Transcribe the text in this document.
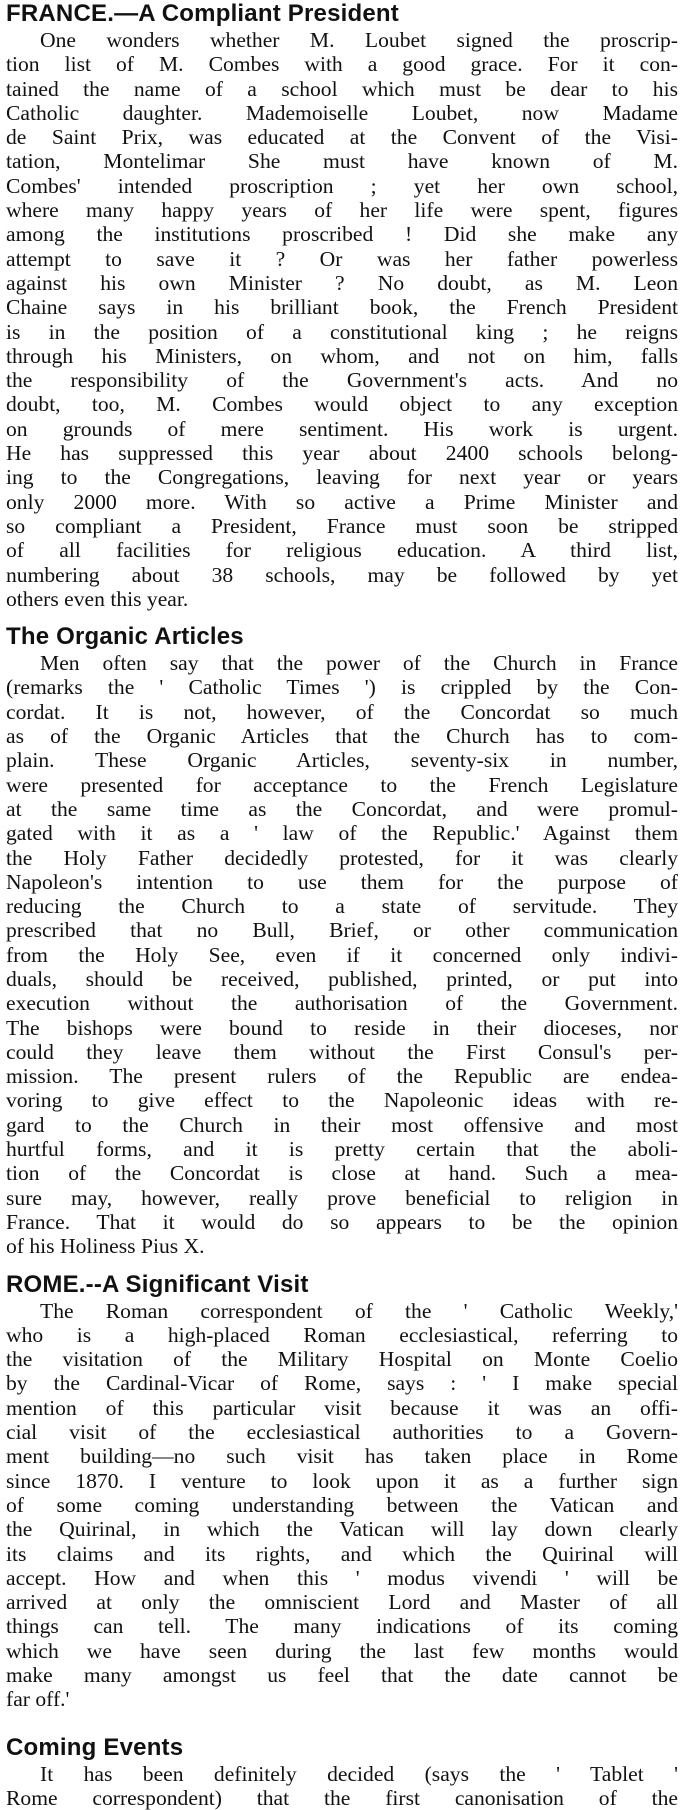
FRANCE.—A Compliant President
One wonders whether M. Loubet signed the proscrip-
tion list of M. Combes with a good grace. For it con-
tained the name of a school which must be dear to his
Catholic daughter. Mademoiselle Loubet, now Madame
de Saint Prix, was educated at the Convent of the Visi-
tation, Montelimar She must have known of M.
Combes' intended proscription ; yet her own school,
where many happy years of her life were spent, figures
among the institutions proscribed ! Did she make any
attempt to save it ? Or was her father powerless
against his own Minister ? No doubt, as M. Leon
Chaine says in his brilliant book, the French President
is in the position of a constitutional king ; he reigns
through his Ministers, on whom, and not on him, falls
the responsibility of the Government's acts. And no
doubt, too, M. Combes would object to any exception
on grounds of mere sentiment. His work is urgent.
He has suppressed this year about 2400 schools belong-
ing to the Congregations, leaving for next year or years
only 2000 more. With so active a Prime Minister and
so compliant a President, France must soon be stripped
of all facilities for religious education. A third list,
numbering about 38 schools, may be followed by yet
others even this year.
The Organic Articles
Men often say that the power of the Church in France
(remarks the ' Catholic Times ') is crippled by the Con-
cordat. It is not, however, of the Concordat so much
as of the Organic Articles that the Church has to com-
plain. These Organic Articles, seventy-six in number,
were presented for acceptance to the French Legislature
at the same time as the Concordat, and were promul-
gated with it as a ' law of the Republic.' Against them
the Holy Father decidedly protested, for it was clearly
Napoleon's intention to use them for the purpose of
reducing the Church to a state of servitude. They
prescribed that no Bull, Brief, or other communication
from the Holy See, even if it concerned only indivi-
duals, should be received, published, printed, or put into
execution without the authorisation of the Government.
The bishops were bound to reside in their dioceses, nor
could they leave them without the First Consul's per-
mission. The present rulers of the Republic are endea-
voring to give effect to the Napoleonic ideas with re-
gard to the Church in their most offensive and most
hurtful forms, and it is pretty certain that the aboli-
tion of the Concordat is close at hand. Such a mea-
sure may, however, really prove beneficial to religion in
France. That it would do so appears to be the opinion
of his Holiness Pius X.
ROME.--A Significant Visit
The Roman correspondent of the ' Catholic Weekly,'
who is a high-placed Roman ecclesiastical, referring to
the visitation of the Military Hospital on Monte Coelio
by the Cardinal-Vicar of Rome, says : ' I make special
mention of this particular visit because it was an offi-
cial visit of the ecclesiastical authorities to a Govern-
ment building—no such visit has taken place in Rome
since 1870. I venture to look upon it as a further sign
of some coming understanding between the Vatican and
the Quirinal, in which the Vatican will lay down clearly
its claims and its rights, and which the Quirinal will
accept. How and when this ' modus vivendi ' will be
arrived at only the omniscient Lord and Master of all
things can tell. The many indications of its coming
which we have seen during the last few months would
make many amongst us feel that the date cannot be
far off.'
Coming Events
It has been definitely decided (says the ' Tablet '
Rome correspondent) that the first canonisation of the
